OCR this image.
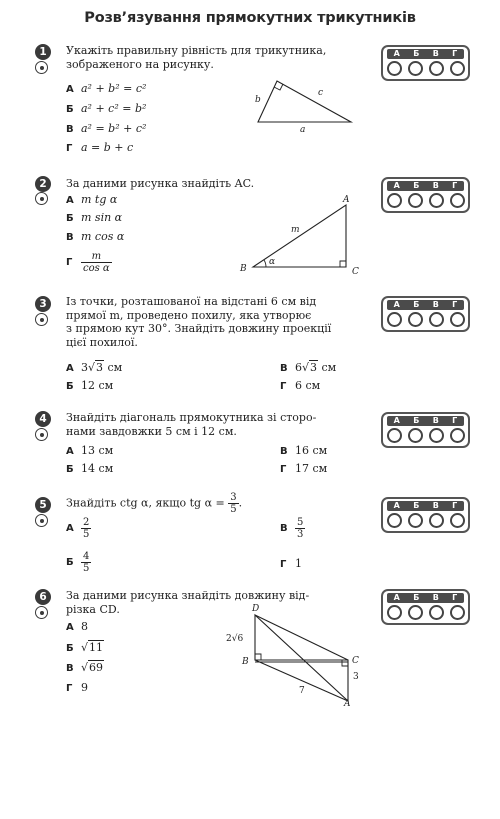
Розв’язування прямокутних трикутників
1	Укажіть правильну рівність для трикутника, зображеного на рисунку.
А a² + b² = c²
Б a² + c² = b²
В a² = b² + c²
Г a = b + c
b
c
a
А Б В Г
2	За даними рисунка знайдіть AC.
А m tg α
Б m sin α
В m cos α
Г $\frac{m}{\text{cos α}}$
A
B	C
m
α
А Б В Г
3	Із точки, розташованої на відстані 6 см від
прямої m, проведено похилу, яка утворює
з прямою кут 30°. Знайдіть довжину проекції
цієї похилої.
А 3√3 см	В 6√3 см
Б 12 см	Г 6 см
А Б В Г
4	Знайдіть діагональ прямокутника зі сторо-
нами завдовжки 5 см і 12 см.
А 13 см	В 16 см
Б 14 см	Г 17 см
А Б В Г
5	Знайдіть ctg α, якщо tg $\alpha = \frac{3}{5}$ .
А $\frac{2}{5}$	В $\frac{5}{3}$
Б $\frac{4}{5}$	Г 1
А Б В Г
6	За даними рисунка знайдіть довжину від-
різка CD.
А 8
Б √11
В √69
Г 9
D
B	C
A
2√6
3
7
А Б В Г
